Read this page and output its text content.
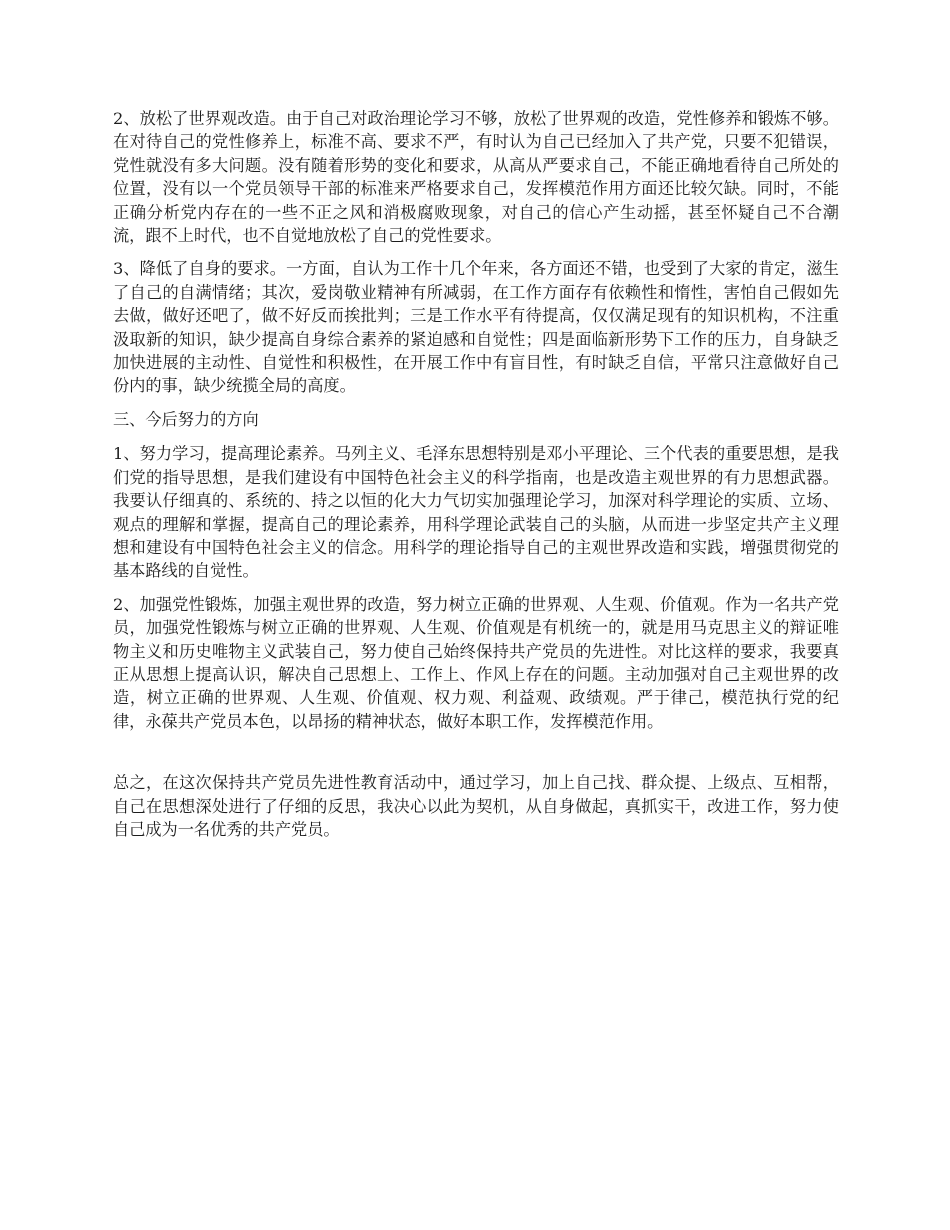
2、放松了世界观改造。由于自己对政治理论学习不够，放松了世界观的改造，党性修养和锻炼不够。在对待自己的党性修养上，标准不高、要求不严，有时认为自己已经加入了共产党，只要不犯错误，党性就没有多大问题。没有随着形势的变化和要求，从高从严要求自己，不能正确地看待自己所处的位置，没有以一个党员领导干部的标准来严格要求自己，发挥模范作用方面还比较欠缺。同时，不能正确分析党内存在的一些不正之风和消极腐败现象，对自己的信心产生动摇，甚至怀疑自己不合潮流，跟不上时代，也不自觉地放松了自己的党性要求。

3、降低了自身的要求。一方面，自认为工作十几个年来，各方面还不错，也受到了大家的肯定，滋生了自己的自满情绪；其次，爱岗敬业精神有所减弱，在工作方面存有依赖性和惰性，害怕自己假如先去做，做好还吧了，做不好反而挨批判；三是工作水平有待提高，仅仅满足现有的知识机构，不注重汲取新的知识，缺少提高自身综合素养的紧迫感和自觉性；四是面临新形势下工作的压力，自身缺乏加快进展的主动性、自觉性和积极性，在开展工作中有盲目性，有时缺乏自信，平常只注意做好自己份内的事，缺少统揽全局的高度。

三、今后努力的方向

1、努力学习，提高理论素养。马列主义、毛泽东思想特别是邓小平理论、三个代表的重要思想，是我们党的指导思想，是我们建设有中国特色社会主义的科学指南，也是改造主观世界的有力思想武器。我要认仔细真的、系统的、持之以恒的化大力气切实加强理论学习，加深对科学理论的实质、立场、观点的理解和掌握，提高自己的理论素养，用科学理论武装自己的头脑，从而进一步坚定共产主义理想和建设有中国特色社会主义的信念。用科学的理论指导自己的主观世界改造和实践，增强贯彻党的基本路线的自觉性。

2、加强党性锻炼，加强主观世界的改造，努力树立正确的世界观、人生观、价值观。作为一名共产党员，加强党性锻炼与树立正确的世界观、人生观、价值观是有机统一的，就是用马克思主义的辩证唯物主义和历史唯物主义武装自己，努力使自己始终保持共产党员的先进性。对比这样的要求，我要真正从思想上提高认识，解决自己思想上、工作上、作风上存在的问题。主动加强对自己主观世界的改造，树立正确的世界观、人生观、价值观、权力观、利益观、政绩观。严于律己，模范执行党的纪律，永葆共产党员本色，以昂扬的精神状态，做好本职工作，发挥模范作用。

总之，在这次保持共产党员先进性教育活动中，通过学习，加上自己找、群众提、上级点、互相帮，自己在思想深处进行了仔细的反思，我决心以此为契机，从自身做起，真抓实干，改进工作，努力使自己成为一名优秀的共产党员。
